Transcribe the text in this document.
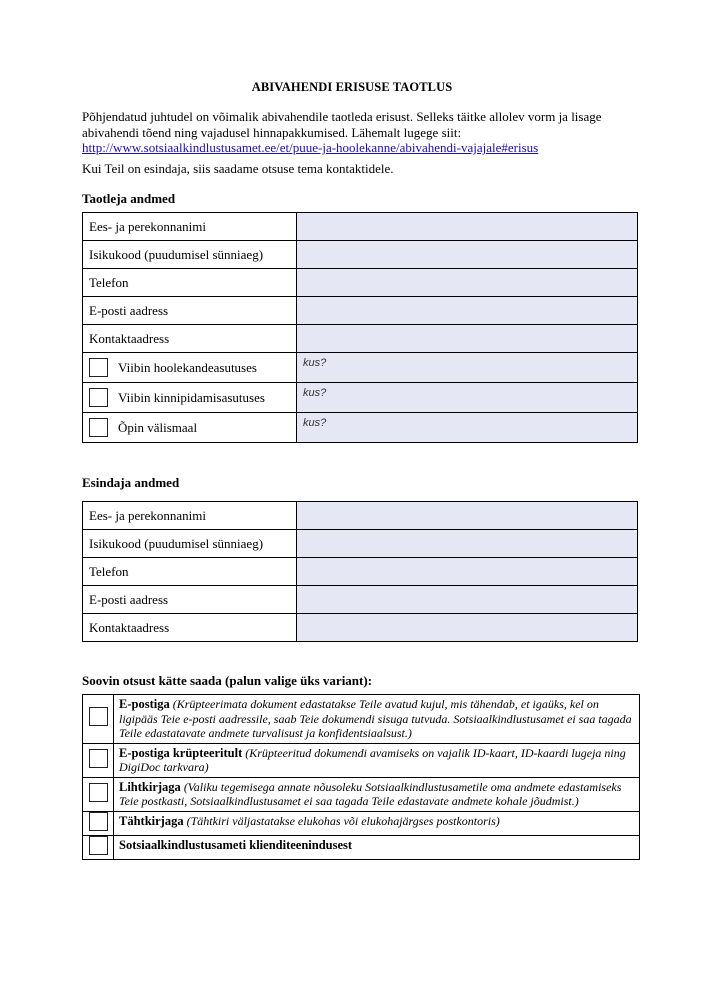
ABIVAHENDI ERISUSE TAOTLUS
Põhjendatud juhtudel on võimalik abivahendile taotleda erisust. Selleks täitke allolev vorm ja lisage abivahendi tõend ning vajadusel hinnapakkumised. Lähemalt lugege siit:
http://www.sotsiaalkindlustusamet.ee/et/puue-ja-hoolekanne/abivahendi-vajajale#erisus
Kui Teil on esindaja, siis saadame otsuse tema kontaktidele.
Taotleja andmed
Ees- ja perekonnanimi	
Isikukood (puudumisel sünniaeg)	
Telefon	
E-posti aadress	
Kontaktaadress	

Viibin hoolekandeasutuses	kus?

Viibin kinnipidamisasutuses	kus?

Õpin välismaal	kus?
Esindaja andmed
Ees- ja perekonnanimi	
Isikukood (puudumisel sünniaeg)	
Telefon	
E-posti aadress	
Kontaktaadress	
Soovin otsust kätte saada (palun valige üks variant):
	E-postiga (Krüpteerimata dokument edastatakse Teile avatud kujul, mis tähendab, et igaüks, kel on ligipääs Teie e-posti aadressile, saab Teie dokumendi sisuga tutvuda. Sotsiaalkindlustusamet ei saa tagada Teile edastatavate andmete turvalisust ja konfidentsiaalsust.)
	E-postiga krüpteeritult (Krüpteeritud dokumendi avamiseks on vajalik ID-kaart, ID-kaardi lugeja ning DigiDoc tarkvara)
	Lihtkirjaga (Valiku tegemisega annate nõusoleku Sotsiaalkindlustusametile oma andmete edastamiseks Teie postkasti, Sotsiaalkindlustusamet ei saa tagada Teile edastavate andmete kohale jõudmist.)
	Tähtkirjaga (Tähtkiri väljastatakse elukohas või elukohajärgses postkontoris)
	Sotsiaalkindlustusameti klienditeenindusest
